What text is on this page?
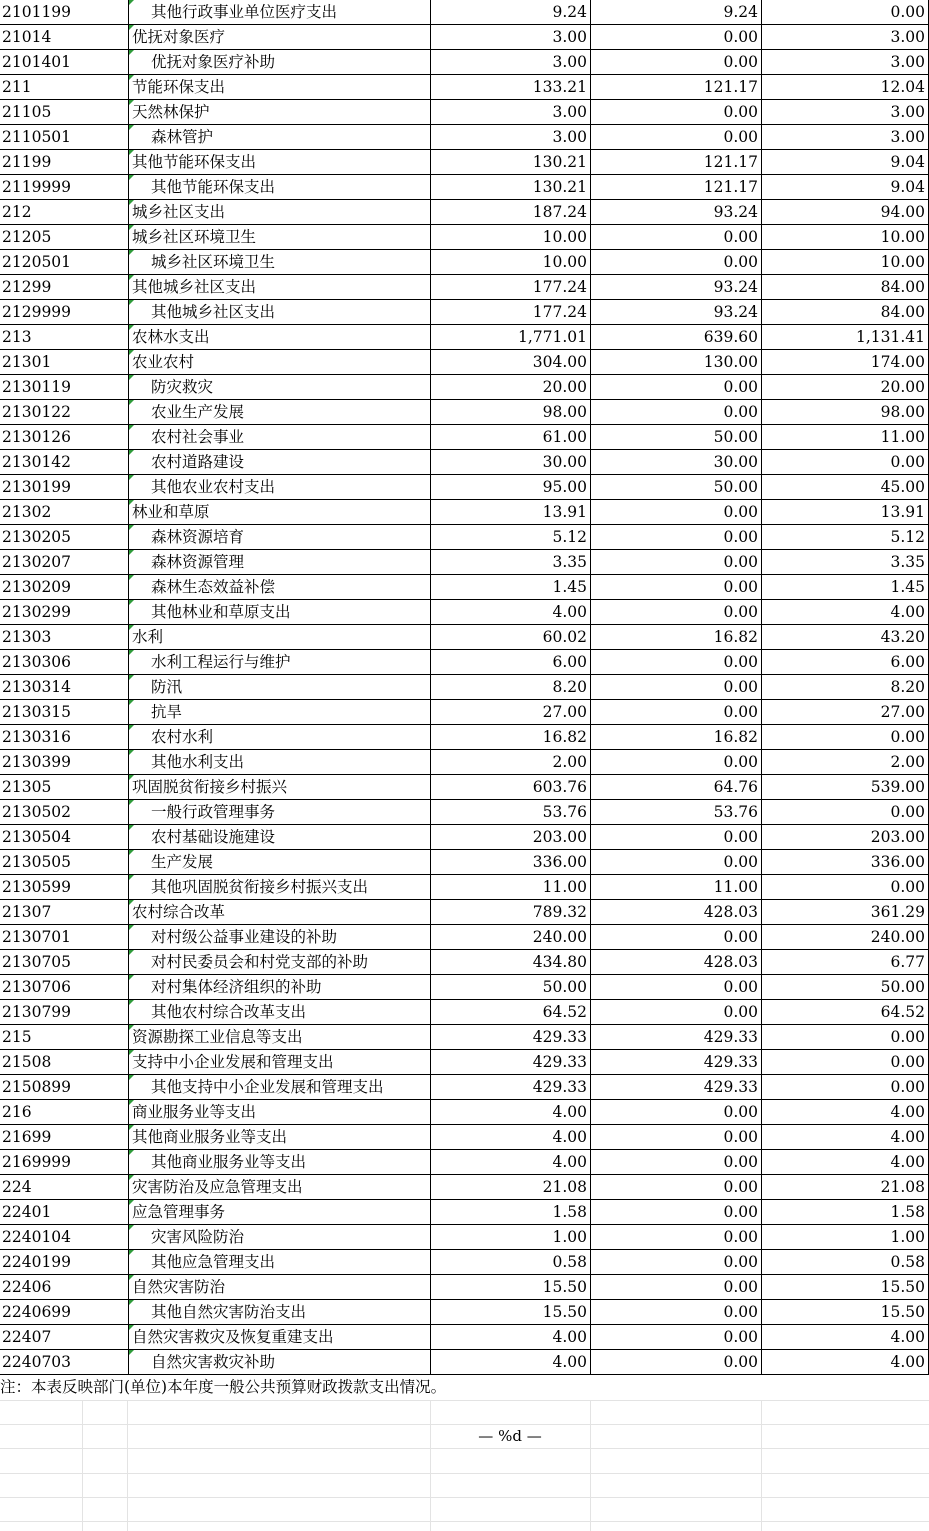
2101199	其他行政事业单位医疗支出	9.24	9.24	0.00
21014	优抚对象医疗	3.00	0.00	3.00
2101401	优抚对象医疗补助	3.00	0.00	3.00
211	节能环保支出	133.21	121.17	12.04
21105	天然林保护	3.00	0.00	3.00
2110501	森林管护	3.00	0.00	3.00
21199	其他节能环保支出	130.21	121.17	9.04
2119999	其他节能环保支出	130.21	121.17	9.04
212	城乡社区支出	187.24	93.24	94.00
21205	城乡社区环境卫生	10.00	0.00	10.00
2120501	城乡社区环境卫生	10.00	0.00	10.00
21299	其他城乡社区支出	177.24	93.24	84.00
2129999	其他城乡社区支出	177.24	93.24	84.00
213	农林水支出	1,771.01	639.60	1,131.41
21301	农业农村	304.00	130.00	174.00
2130119	防灾救灾	20.00	0.00	20.00
2130122	农业生产发展	98.00	0.00	98.00
2130126	农村社会事业	61.00	50.00	11.00
2130142	农村道路建设	30.00	30.00	0.00
2130199	其他农业农村支出	95.00	50.00	45.00
21302	林业和草原	13.91	0.00	13.91
2130205	森林资源培育	5.12	0.00	5.12
2130207	森林资源管理	3.35	0.00	3.35
2130209	森林生态效益补偿	1.45	0.00	1.45
2130299	其他林业和草原支出	4.00	0.00	4.00
21303	水利	60.02	16.82	43.20
2130306	水利工程运行与维护	6.00	0.00	6.00
2130314	防汛	8.20	0.00	8.20
2130315	抗旱	27.00	0.00	27.00
2130316	农村水利	16.82	16.82	0.00
2130399	其他水利支出	2.00	0.00	2.00
21305	巩固脱贫衔接乡村振兴	603.76	64.76	539.00
2130502	一般行政管理事务	53.76	53.76	0.00
2130504	农村基础设施建设	203.00	0.00	203.00
2130505	生产发展	336.00	0.00	336.00
2130599	其他巩固脱贫衔接乡村振兴支出	11.00	11.00	0.00
21307	农村综合改革	789.32	428.03	361.29
2130701	对村级公益事业建设的补助	240.00	0.00	240.00
2130705	对村民委员会和村党支部的补助	434.80	428.03	6.77
2130706	对村集体经济组织的补助	50.00	0.00	50.00
2130799	其他农村综合改革支出	64.52	0.00	64.52
215	资源勘探工业信息等支出	429.33	429.33	0.00
21508	支持中小企业发展和管理支出	429.33	429.33	0.00
2150899	其他支持中小企业发展和管理支出	429.33	429.33	0.00
216	商业服务业等支出	4.00	0.00	4.00
21699	其他商业服务业等支出	4.00	0.00	4.00
2169999	其他商业服务业等支出	4.00	0.00	4.00
224	灾害防治及应急管理支出	21.08	0.00	21.08
22401	应急管理事务	1.58	0.00	1.58
2240104	灾害风险防治	1.00	0.00	1.00
2240199	其他应急管理支出	0.58	0.00	0.58
22406	自然灾害防治	15.50	0.00	15.50
2240699	其他自然灾害防治支出	15.50	0.00	15.50
22407	自然灾害救灾及恢复重建支出	4.00	0.00	4.00
2240703	自然灾害救灾补助	4.00	0.00	4.00
注：本表反映部门(单位)本年度一般公共预算财政拨款支出情况。
— %d —
